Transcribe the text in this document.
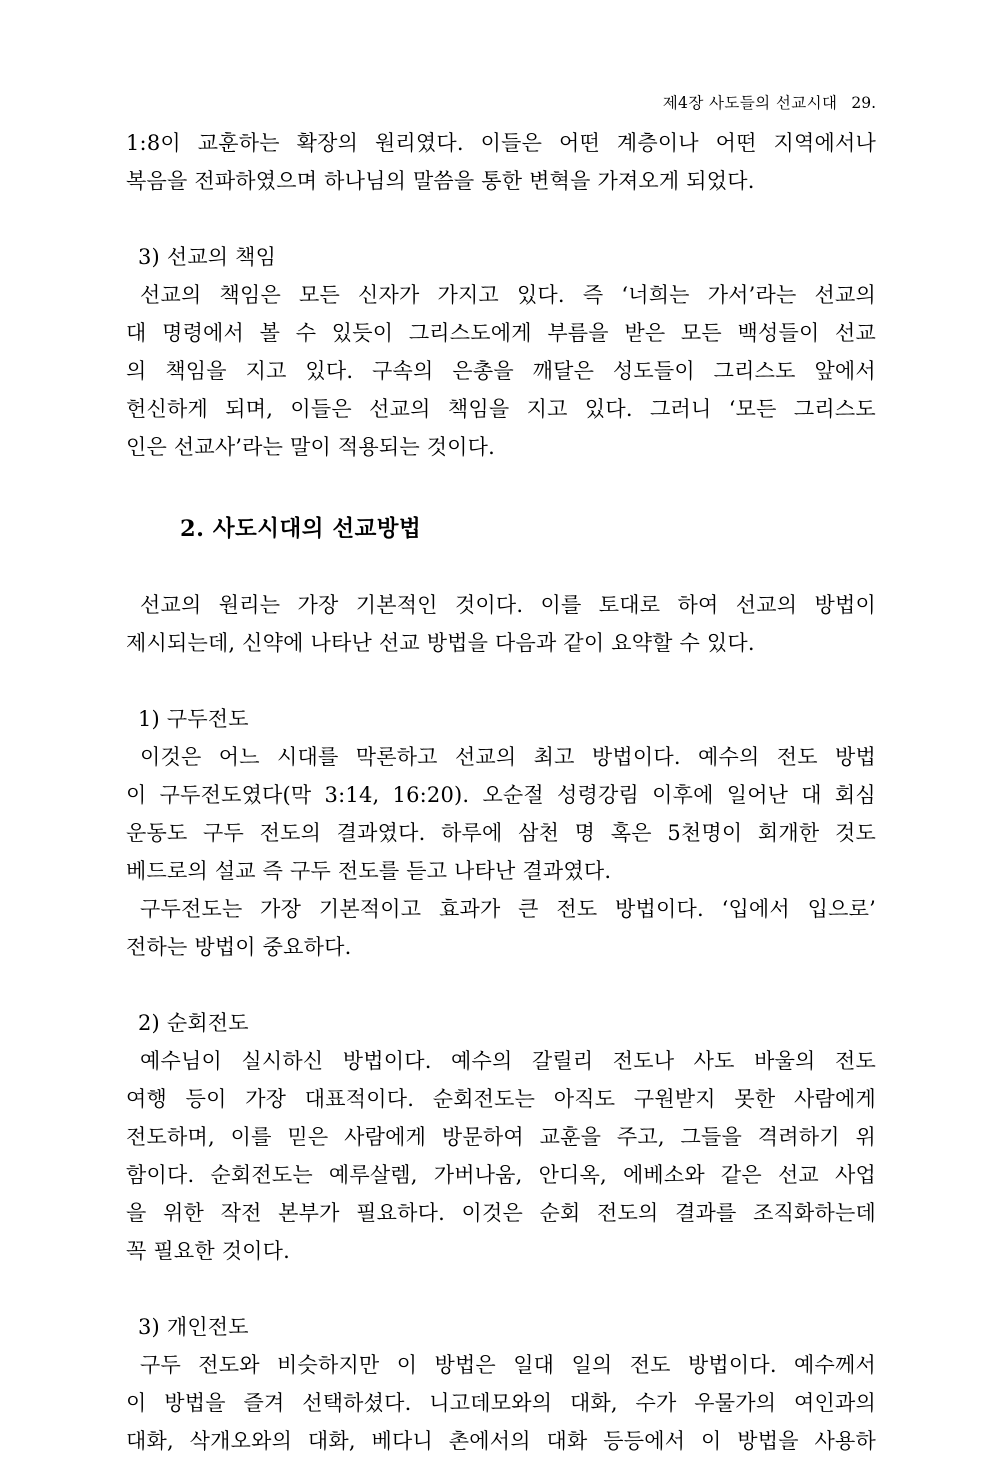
제4장 사도들의 선교시대 29.
1:8이 교훈하는 확장의 원리였다. 이들은 어떤 계층이나 어떤 지역에서나
복음을 전파하였으며 하나님의 말씀을 통한 변혁을 가져오게 되었다.
3) 선교의 책임
선교의 책임은 모든 신자가 가지고 있다. 즉 ‘너희는 가서’라는 선교의
대 명령에서 볼 수 있듯이 그리스도에게 부름을 받은 모든 백성들이 선교
의 책임을 지고 있다. 구속의 은총을 깨달은 성도들이 그리스도 앞에서
헌신하게 되며, 이들은 선교의 책임을 지고 있다. 그러니 ‘모든 그리스도
인은 선교사’라는 말이 적용되는 것이다.
2. 사도시대의 선교방법
선교의 원리는 가장 기본적인 것이다. 이를 토대로 하여 선교의 방법이
제시되는데, 신약에 나타난 선교 방법을 다음과 같이 요약할 수 있다.
1) 구두전도
이것은 어느 시대를 막론하고 선교의 최고 방법이다. 예수의 전도 방법
이 구두전도였다(막 3:14, 16:20). 오순절 성령강림 이후에 일어난 대 회심
운동도 구두 전도의 결과였다. 하루에 삼천 명 혹은 5천명이 회개한 것도
베드로의 설교 즉 구두 전도를 듣고 나타난 결과였다.
구두전도는 가장 기본적이고 효과가 큰 전도 방법이다. ‘입에서 입으로’
전하는 방법이 중요하다.
2) 순회전도
예수님이 실시하신 방법이다. 예수의 갈릴리 전도나 사도 바울의 전도
여행 등이 가장 대표적이다. 순회전도는 아직도 구원받지 못한 사람에게
전도하며, 이를 믿은 사람에게 방문하여 교훈을 주고, 그들을 격려하기 위
함이다. 순회전도는 예루살렘, 가버나움, 안디옥, 에베소와 같은 선교 사업
을 위한 작전 본부가 필요하다. 이것은 순회 전도의 결과를 조직화하는데
꼭 필요한 것이다.
3) 개인전도
구두 전도와 비슷하지만 이 방법은 일대 일의 전도 방법이다. 예수께서
이 방법을 즐겨 선택하셨다. 니고데모와의 대화, 수가 우물가의 여인과의
대화, 삭개오와의 대화, 베다니 촌에서의 대화 등등에서 이 방법을 사용하
